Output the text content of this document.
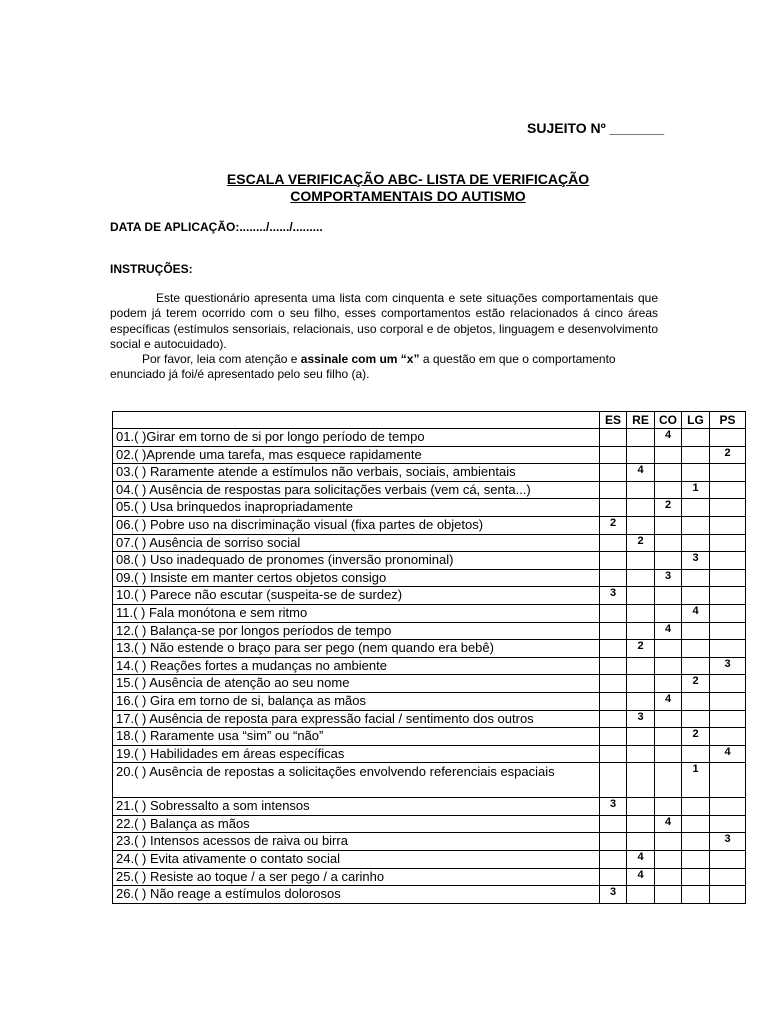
SUJEITO Nº _______
ESCALA VERIFICAÇÃO ABC- LISTA DE VERIFICAÇÃO
COMPORTAMENTAIS DO AUTISMO
DATA DE APLICAÇÃO:......../....../.........
INSTRUÇÕES:

Este questionário apresenta uma lista com cinquenta e sete situações comportamentais que podem já terem ocorrido com o seu filho, esses comportamentos estão relacionados á cinco áreas específicas (estímulos sensoriais, relacionais, uso corporal e de objetos, linguagem e desenvolvimento social e autocuidado).

Por favor, leia com atenção e assinale com um “x” a questão em que o comportamento enunciado já foi/é apresentado pelo seu filho (a).

	ES	RE	CO	LG	PS
01.( )Girar em torno de si por longo período de tempo			4		
02.( )Aprende uma tarefa, mas esquece rapidamente					2
03.( ) Raramente atende a estímulos não verbais, sociais, ambientais		4			
04.( ) Ausência de respostas para solicitações verbais (vem cá, senta...)				1	
05.( ) Usa brinquedos inapropriadamente			2		
06.( ) Pobre uso na discriminação visual (fixa partes de objetos)	2				
07.( ) Ausência de sorriso social		2			
08.( ) Uso inadequado de pronomes (inversão pronominal)				3	
09.( ) Insiste em manter certos objetos consigo			3		
10.( ) Parece não escutar (suspeita-se de surdez)	3				
11.( ) Fala monótona e sem ritmo				4	
12.( ) Balança-se por longos períodos de tempo			4		
13.( ) Não estende o braço para ser pego (nem quando era bebê)		2			
14.( ) Reações fortes a mudanças no ambiente					3
15.( ) Ausência de atenção ao seu nome				2	
16.( ) Gira em torno de si, balança as mãos			4		
17.( ) Ausência de reposta para expressão facial / sentimento dos outros		3			
18.( ) Raramente usa “sim” ou “não”				2	
19.( ) Habilidades em áreas específicas					4
20.( ) Ausência de repostas a solicitações envolvendo referenciais espaciais				1	
21.( ) Sobressalto a som intensos	3				
22.( ) Balança as mãos			4		
23.( ) Intensos acessos de raiva ou birra					3
24.( ) Evita ativamente o contato social		4			
25.( ) Resiste ao toque / a ser pego / a carinho		4			
26.( ) Não reage a estímulos dolorosos	3				
